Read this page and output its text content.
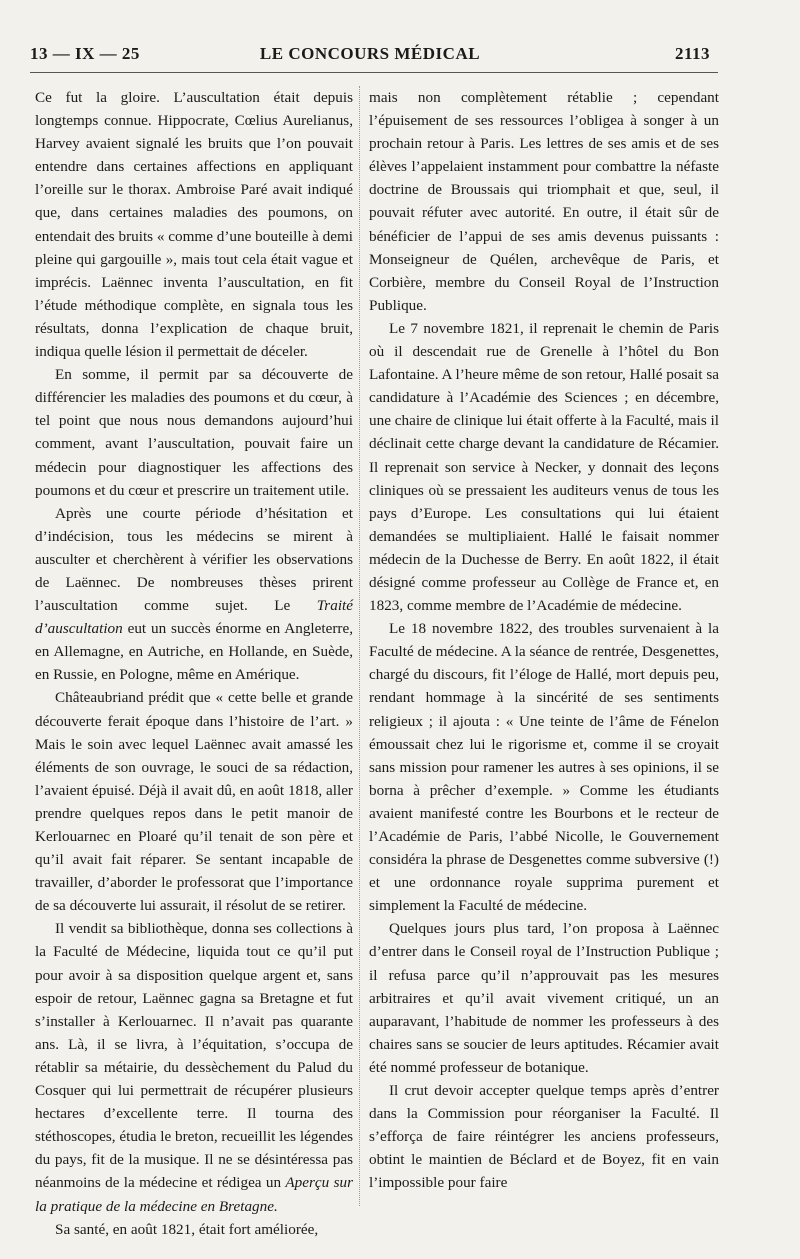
13 — IX — 25	LE CONCOURS MÉDICAL	2113

Ce fut la gloire. L’auscultation était depuis longtemps connue. Hippocrate, Cœlius Aurelianus, Harvey avaient signalé les bruits que l’on pouvait entendre dans certaines affections en appliquant l’oreille sur le thorax. Ambroise Paré avait indiqué que, dans certaines maladies des poumons, on entendait des bruits « comme d’une bouteille à demi pleine qui gargouille », mais tout cela était vague et imprécis. Laënnec inventa l’auscultation, en fit l’étude méthodique complète, en signala tous les résultats, donna l’explication de chaque bruit, indiqua quelle lésion il permettait de déceler.

En somme, il permit par sa découverte de différencier les maladies des poumons et du cœur, à tel point que nous nous demandons aujourd’hui comment, avant l’auscultation, pouvait faire un médecin pour diagnostiquer les affections des poumons et du cœur et prescrire un traitement utile.

Après une courte période d’hésitation et d’indécision, tous les médecins se mirent à ausculter et cherchèrent à vérifier les observations de Laënnec. De nombreuses thèses prirent l’auscultation comme sujet. Le Traité d’auscultation eut un succès énorme en Angleterre, en Allemagne, en Autriche, en Hollande, en Suède, en Russie, en Pologne, même en Amérique.

Châteaubriand prédit que « cette belle et grande découverte ferait époque dans l’histoire de l’art. » Mais le soin avec lequel Laënnec avait amassé les éléments de son ouvrage, le souci de sa rédaction, l’avaient épuisé. Déjà il avait dû, en août 1818, aller prendre quelques repos dans le petit manoir de Kerlouarnec en Ploaré qu’il tenait de son père et qu’il avait fait réparer. Se sentant incapable de travailler, d’aborder le professorat que l’importance de sa découverte lui assurait, il résolut de se retirer.

Il vendit sa bibliothèque, donna ses collections à la Faculté de Médecine, liquida tout ce qu’il put pour avoir à sa disposition quelque argent et, sans espoir de retour, Laënnec gagna sa Bretagne et fut s’installer à Kerlouarnec. Il n’avait pas quarante ans. Là, il se livra, à l’équitation, s’occupa de rétablir sa métairie, du dessèchement du Palud du Cosquer qui lui permettrait de récupérer plusieurs hectares d’excellente terre. Il tourna des stéthoscopes, étudia le breton, recueillit les légendes du pays, fit de la musique. Il ne se désintéressa pas néanmoins de la médecine et rédigea un Aperçu sur la pratique de la médecine en Bretagne.

Sa santé, en août 1821, était fort améliorée,

mais non complètement rétablie ; cependant l’épuisement de ses ressources l’obligea à songer à un prochain retour à Paris. Les lettres de ses amis et de ses élèves l’appelaient instamment pour combattre la néfaste doctrine de Broussais qui triomphait et que, seul, il pouvait réfuter avec autorité. En outre, il était sûr de bénéficier de l’appui de ses amis devenus puissants : Monseigneur de Quélen, archevêque de Paris, et Corbière, membre du Conseil Royal de l’Instruction Publique.

Le 7 novembre 1821, il reprenait le chemin de Paris où il descendait rue de Grenelle à l’hôtel du Bon Lafontaine. A l’heure même de son retour, Hallé posait sa candidature à l’Académie des Sciences ; en décembre, une chaire de clinique lui était offerte à la Faculté, mais il déclinait cette charge devant la candidature de Récamier. Il reprenait son service à Necker, y donnait des leçons cliniques où se pressaient les auditeurs venus de tous les pays d’Europe. Les consultations qui lui étaient demandées se multipliaient. Hallé le faisait nommer médecin de la Duchesse de Berry. En août 1822, il était désigné comme professeur au Collège de France et, en 1823, comme membre de l’Académie de médecine.

Le 18 novembre 1822, des troubles survenaient à la Faculté de médecine. A la séance de rentrée, Desgenettes, chargé du discours, fit l’éloge de Hallé, mort depuis peu, rendant hommage à la sincérité de ses sentiments religieux ; il ajouta : « Une teinte de l’âme de Fénelon émoussait chez lui le rigorisme et, comme il se croyait sans mission pour ramener les autres à ses opinions, il se borna à prêcher d’exemple. » Comme les étudiants avaient manifesté contre les Bourbons et le recteur de l’Académie de Paris, l’abbé Nicolle, le Gouvernement considéra la phrase de Desgenettes comme subversive (!) et une ordonnance royale supprima purement et simplement la Faculté de médecine.

Quelques jours plus tard, l’on proposa à Laënnec d’entrer dans le Conseil royal de l’Instruction Publique ; il refusa parce qu’il n’approuvait pas les mesures arbitraires et qu’il avait vivement critiqué, un an auparavant, l’habitude de nommer les professeurs à des chaires sans se soucier de leurs aptitudes. Récamier avait été nommé professeur de botanique.

Il crut devoir accepter quelque temps après d’entrer dans la Commission pour réorganiser la Faculté. Il s’efforça de faire réintégrer les anciens professeurs, obtint le maintien de Béclard et de Boyez, fit en vain l’impossible pour faire
